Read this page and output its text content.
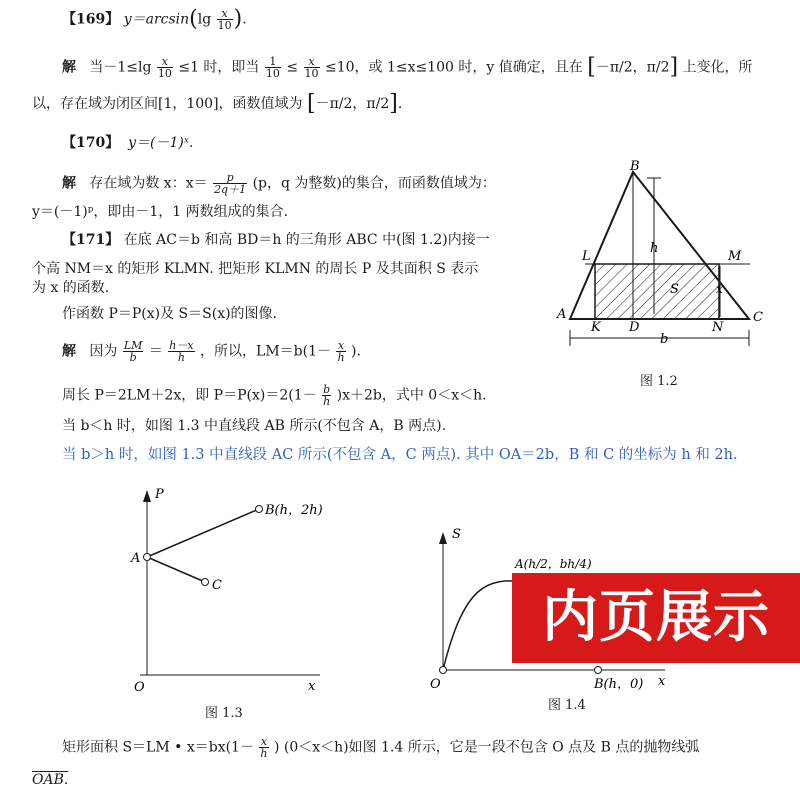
【169】 $y=\arcsin(\lg \frac{x}{10}$ ).
解 当$-1\le\lg \frac{x}{10} \le 1$ 时，即当 $\frac{1}{10} \le \frac{x}{10} \le 10$，或 1≤x≤100 时，y 值确定，且在 [－π/2，π/2] 上变化，所
以，存在域为闭区间[1，100]，函数值域为 [－π/2，π/2].
【170】 y＝(－1)ˣ.
解 存在域为数 x：$x= \frac{p}{2q+1} (p$，q 为整数)的集合，而函数值域为：
y＝(－1)ᵖ，即由－1，1 两数组成的集合.
【171】 在底 AC＝b 和高 BD＝h 的三角形 ABC 中(图 1.2)内接一
个高 NM＝x 的矩形 KLMN. 把矩形 KLMN 的周长 P 及其面积 S 表示
为 x 的函数.
作函数 P＝P(x)及 S＝S(x)的图像.
解 因为 $\frac{LM}{b} = \frac{h-x}{h}$ ，所以，$LM=b(1- \frac{x}{h}$ ).
周长 P＝2LM＋2x，即 $P=P(x)=2(1- \frac{b}{h} )x+2b$，式中 0＜x＜h.
当 b＜h 时，如图 1.3 中直线段 AB 所示(不包含 A，B 两点).
当 b＞h 时，如图 1.3 中直线段 AC 所示(不包含 A，C 两点). 其中 OA＝2b，B 和 C 的坐标为 h 和 2h.
矩形面积 S＝LM • $x=bx(1- \frac{x}{h}$ ) (0＜x＜h)如图 1.4 所示，它是一段不包含 O 点及 B 点的抛物线弧
OAB.
B
L	M
A
K D	N
C
h
S	x
b
图 1.2
P
B(h，2h)
A
C
O	x
图 1.3
S
A(h/2，bh/4)
O	B(h，0) x
图 1.4
内页展示
